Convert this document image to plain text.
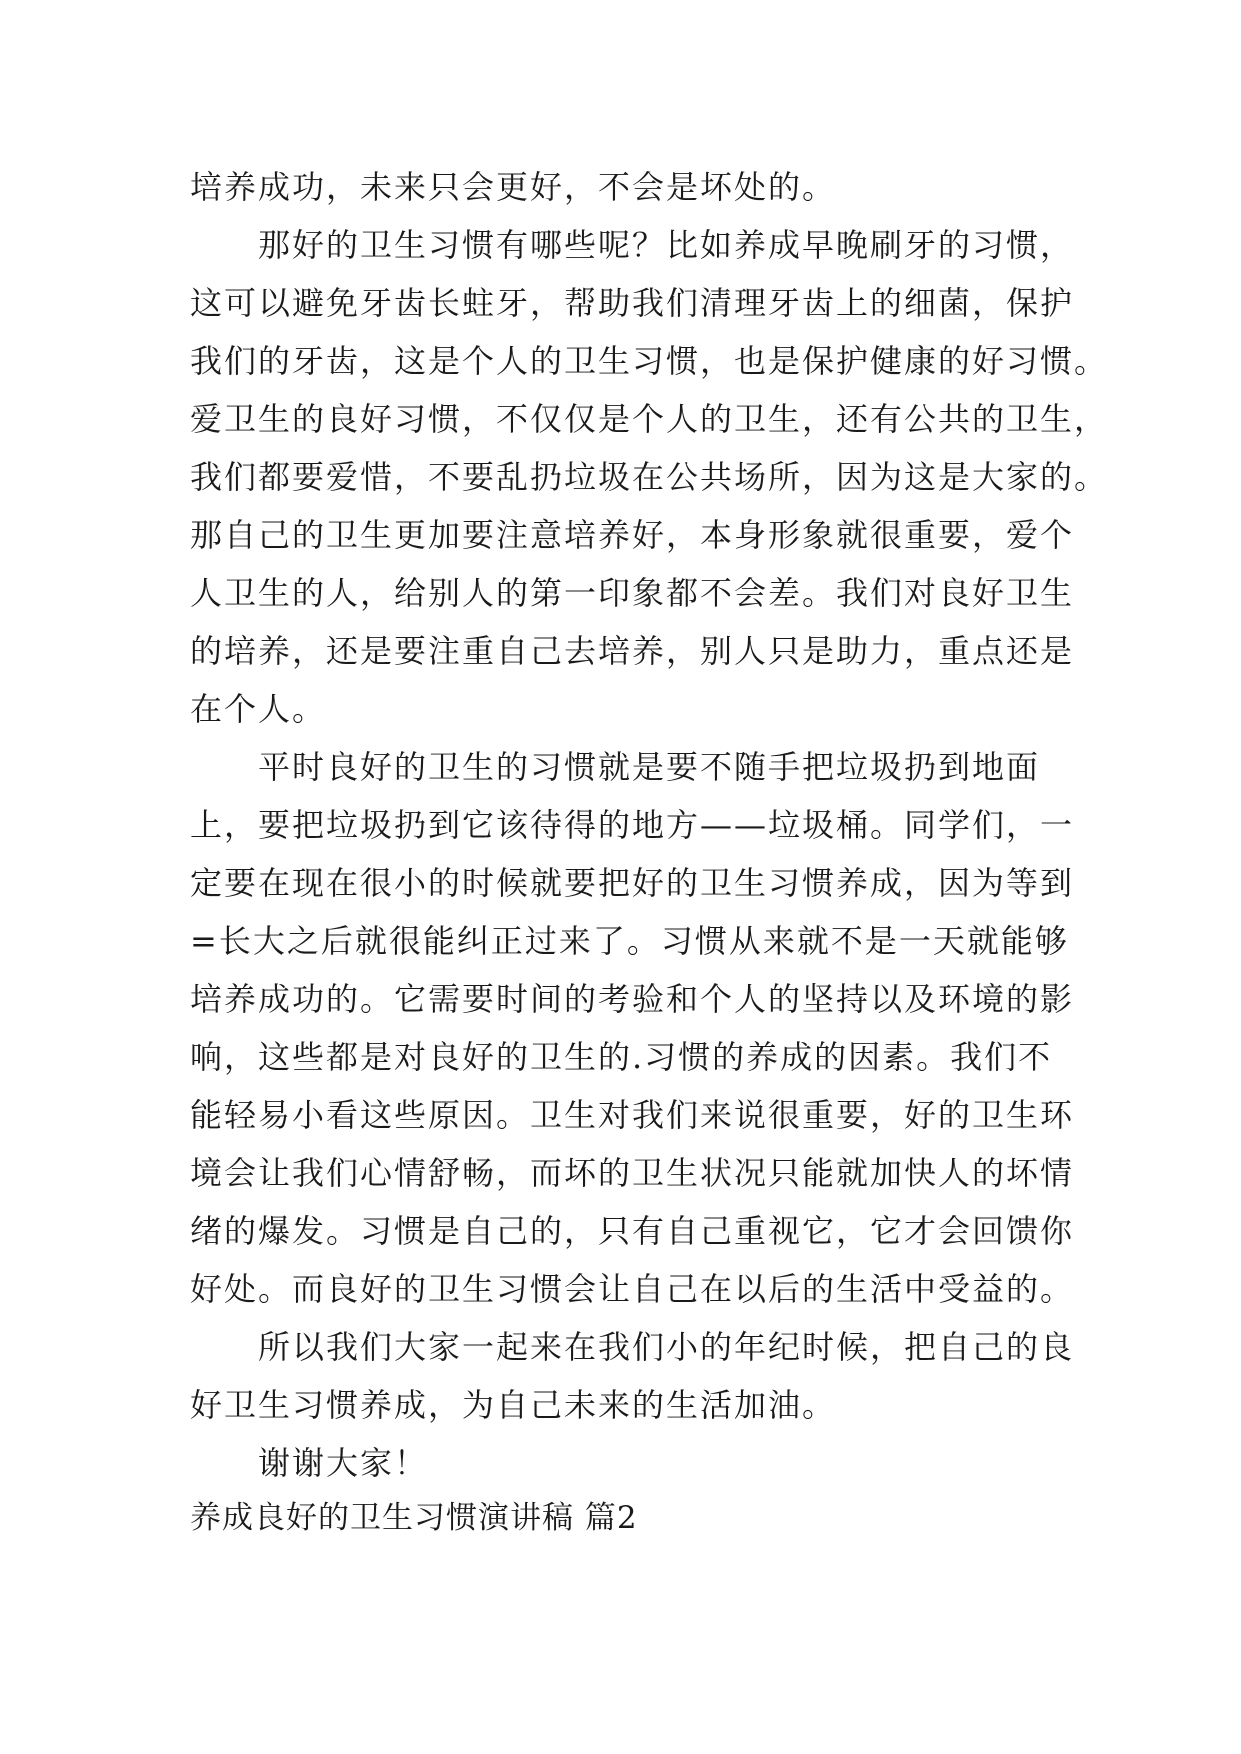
培养成功，未来只会更好，不会是坏处的。
那好的卫生习惯有哪些呢？比如养成早晚刷牙的习惯，
这可以避免牙齿长蛀牙，帮助我们清理牙齿上的细菌，保护
我们的牙齿，这是个人的卫生习惯，也是保护健康的好习惯。
爱卫生的良好习惯，不仅仅是个人的卫生，还有公共的卫生，
我们都要爱惜，不要乱扔垃圾在公共场所，因为这是大家的。
那自己的卫生更加要注意培养好，本身形象就很重要，爱个
人卫生的人，给别人的第一印象都不会差。我们对良好卫生
的培养，还是要注重自己去培养，别人只是助力，重点还是
在个人。
平时良好的卫生的习惯就是要不随手把垃圾扔到地面
上，要把垃圾扔到它该待得的地方——垃圾桶。同学们，一
定要在现在很小的时候就要把好的卫生习惯养成，因为等到
=长大之后就很能纠正过来了。习惯从来就不是一天就能够
培养成功的。它需要时间的考验和个人的坚持以及环境的影
响，这些都是对良好的卫生的.习惯的养成的因素。我们不
能轻易小看这些原因。卫生对我们来说很重要，好的卫生环
境会让我们心情舒畅，而坏的卫生状况只能就加快人的坏情
绪的爆发。习惯是自己的，只有自己重视它，它才会回馈你
好处。而良好的卫生习惯会让自己在以后的生活中受益的。
所以我们大家一起来在我们小的年纪时候，把自己的良
好卫生习惯养成，为自己未来的生活加油。
谢谢大家！
养成良好的卫生习惯演讲稿 篇2
